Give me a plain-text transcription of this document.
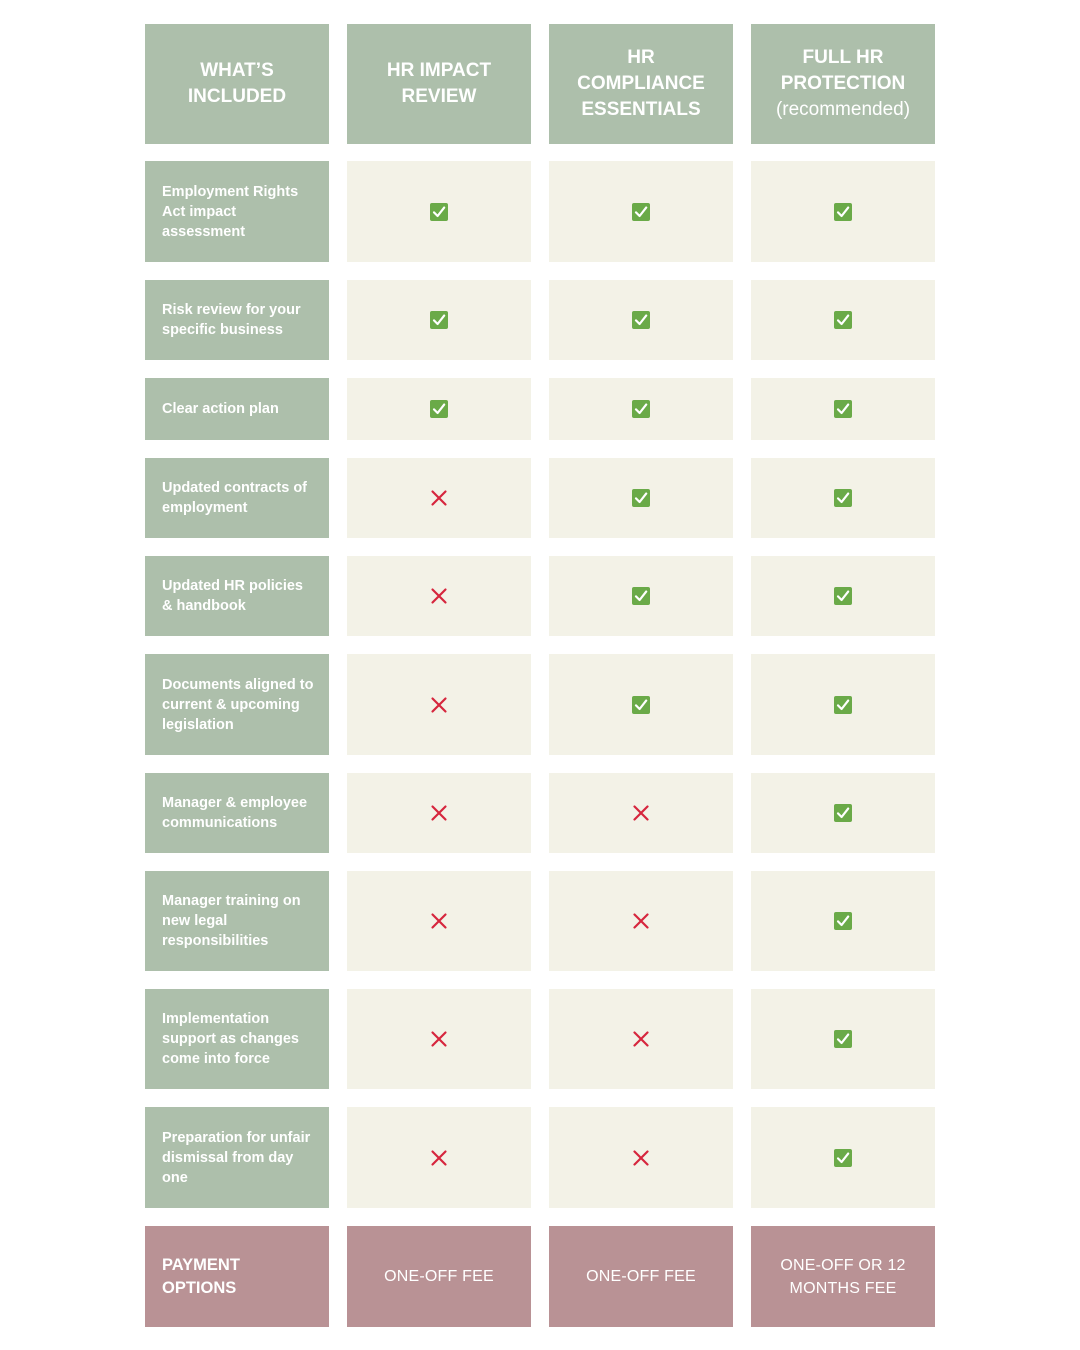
WHAT’S
INCLUDED
HR IMPACT
REVIEW
HR
COMPLIANCE ESSENTIALS
FULL HR
PROTECTION
(recommended)
Employment Rights Act impact assessment
Risk review for your specific business
Clear action plan
Updated contracts of employment
Updated HR policies & handbook
Documents aligned to current & upcoming legislation
Manager & employee communications
Manager training on new legal responsibilities
Implementation support as changes come into force
Preparation for unfair dismissal from day one
PAYMENT OPTIONS
ONE-OFF FEE	ONE-OFF FEE
ONE-OFF OR 12 MONTHS FEE
